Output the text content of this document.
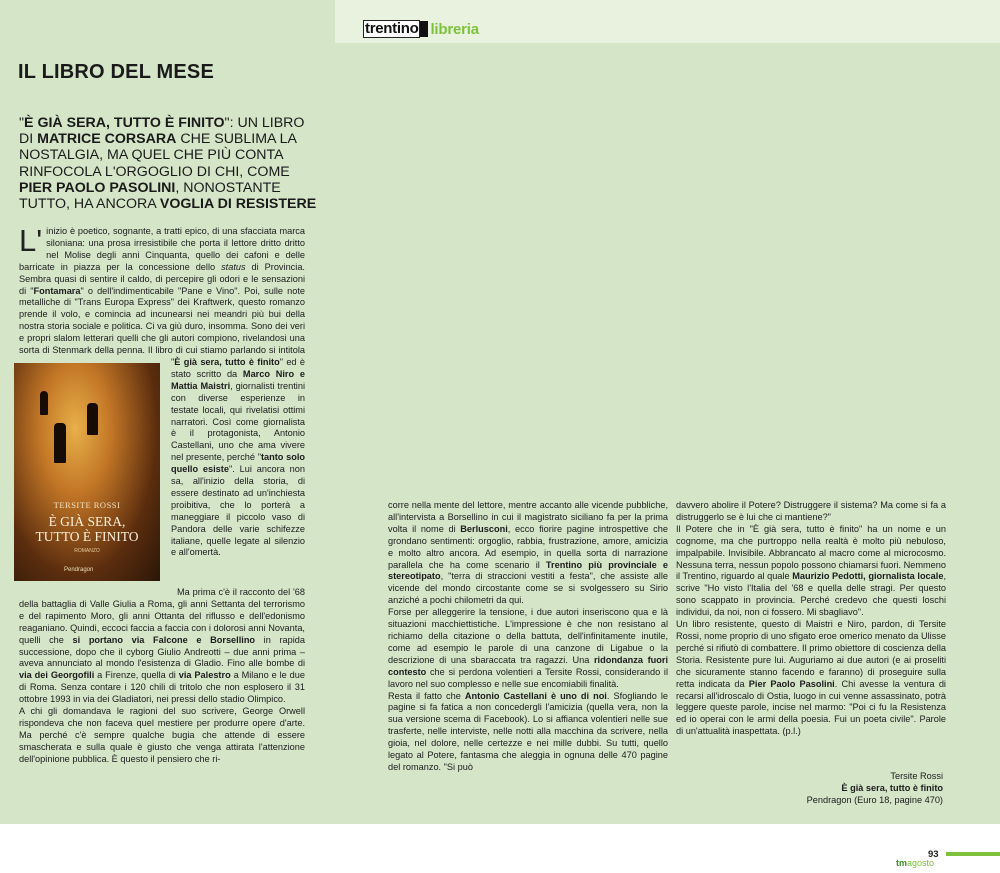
trentino libreria
IL LIBRO DEL MESE

"È GIÀ SERA, TUTTO È FINITO": UN LIBRO DI MATRICE CORSARA CHE SUBLIMA LA NOSTALGIA, MA QUEL CHE PIÙ CONTA RINFOCOLA L'ORGOGLIO DI CHI, COME PIER PAOLO PASOLINI, NONOSTANTE TUTTO, HA ANCORA VOGLIA DI RESISTERE

L' inizio è poetico, sognante, a tratti epico, di una sfacciata marca siloniana: una prosa irresistibile che porta il lettore dritto dritto nel Molise degli anni Cinquanta, quello dei cafoni e delle barricate in piazza per la concessione dello status di Provincia. Sembra quasi di sentire il caldo, di percepire gli odori e le sensazioni di "Fontamara" o dell'indimenticabile "Pane e Vino". Poi, sulle note metalliche di "Trans Europa Express" dei Kraftwerk, questo romanzo prende il volo, e comincia ad incunearsi nei meandri più bui della nostra storia sociale e politica. Ci va giù duro, insomma. Sono dei veri e propri slalom letterari quelli che gli autori compiono, rivelandosi una sorta di Stenmark della penna. Il libro di cui stiamo parlando si intitola "
TERSITE ROSSI
È GIÀ SERA,
TUTTO È FINITO
ROMANZO
Pendragon
È già sera, tutto è finito" ed è stato scritto da Marco Niro e Mattia Maistri, giornalisti trentini con diverse esperienze in testate locali, qui rivelatisi ottimi narratori. Così come giornalista è il protagonista, Antonio Castellani, uno che ama vivere nel presente, perché "tanto solo quello esiste". Lui ancora non sa, all'inizio della storia, di essere destinato ad un'inchiesta proibitiva, che lo porterà a maneggiare il piccolo vaso di Pandora delle varie schifezze italiane, quelle legate al silenzio e all'omertà.

Ma prima c'è il racconto del '68 della battaglia di Valle Giulia a Roma, gli anni Settanta del terrorismo e del rapimento Moro, gli anni Ottanta del riflusso e dell'edonismo reaganiano. Quindi, eccoci faccia a faccia con i dolorosi anni Novanta, quelli che si portano via Falcone e Borsellino in rapida successione, dopo che il cyborg Giulio Andreotti – due anni prima – aveva annunciato al mondo l'esistenza di Gladio. Fino alle bombe di via dei Georgofili a Firenze, quella di via Palestro a Milano e le due di Roma. Senza contare i 120 chili di tritolo che non esplosero il 31 ottobre 1993 in via dei Gladiatori, nei pressi dello stadio Olimpico.

A chi gli domandava le ragioni del suo scrivere, George Orwell rispondeva che non faceva quel mestiere per produrre opere d'arte. Ma perché c'è sempre qualche bugia che attende di essere smascherata e sulla quale è giusto che venga attirata l'attenzione dell'opinione pubblica. È questo il pensiero che ri-

corre nella mente del lettore, mentre accanto alle vicende pubbliche, all'intervista a Borsellino in cui il magistrato siciliano fa per la prima volta il nome di Berlusconi, ecco fiorire pagine introspettive che grondano sentimenti: orgoglio, rabbia, frustrazione, amore, amicizia e molto altro ancora. Ad esempio, in quella sorta di narrazione parallela che ha come scenario il Trentino più provinciale e stereotipato, "terra di straccioni vestiti a festa", che assiste alle vicende del mondo circostante come se si svolgessero su Sirio anziché a pochi chilometri da qui.

Forse per alleggerire la tensione, i due autori inseriscono qua e là situazioni macchiettistiche. L'impressione è che non resistano al richiamo della citazione o della battuta, dell'infinitamente inutile, come ad esempio le parole di una canzone di Ligabue o la descrizione di una sbaraccata tra ragazzi. Una ridondanza fuori contesto che si perdona volentieri a Tersite Rossi, considerando il lavoro nel suo complesso e nelle sue encomiabili finalità.

Resta il fatto che Antonio Castellani è uno di noi. Sfogliando le pagine si fa fatica a non concedergli l'amicizia (quella vera, non la sua versione scema di Facebook). Lo si affianca volentieri nelle sue trasferte, nelle interviste, nelle notti alla macchina da scrivere, nella gioia, nel dolore, nelle certezze e nei mille dubbi. Su tutti, quello legato al Potere, fantasma che aleggia in ognuna delle 470 pagine del romanzo. "Si può

davvero abolire il Potere? Distruggere il sistema? Ma come si fa a distruggerlo se è lui che ci mantiene?"

Il Potere che in "È già sera, tutto è finito" ha un nome e un cognome, ma che purtroppo nella realtà è molto più nebuloso, impalpabile. Invisibile. Abbrancato al macro come al microcosmo. Nessuna terra, nessun popolo possono chiamarsi fuori. Nemmeno il Trentino, riguardo al quale Maurizio Pedotti, giornalista locale, scrive "Ho visto l'Italia del '68 e quella delle stragi. Per questo sono scappato in provincia. Perché credevo che questi loschi individui, da noi, non ci fossero. Mi sbagliavo".

Un libro resistente, questo di Maistri e Niro, pardon, di Tersite Rossi, nome proprio di uno sfigato eroe omerico menato da Ulisse perché si rifiutò di combattere. Il primo obiettore di coscienza della Storia. Resistente pure lui. Auguriamo ai due autori (e ai proseliti che sicuramente stanno facendo e faranno) di proseguire sulla retta indicata da Pier Paolo Pasolini. Chi avesse la ventura di recarsi all'idroscalo di Ostia, luogo in cui venne assassinato, potrà leggere queste parole, incise nel marmo: "Poi ci fu la Resistenza ed io operai con le armi della poesia. Fui un poeta civile". Parole di un'attualità inaspettata. (p.l.)

Tersite Rossi
È già sera, tutto è finito
Pendragon (Euro 18, pagine 470)
93
tmagosto
